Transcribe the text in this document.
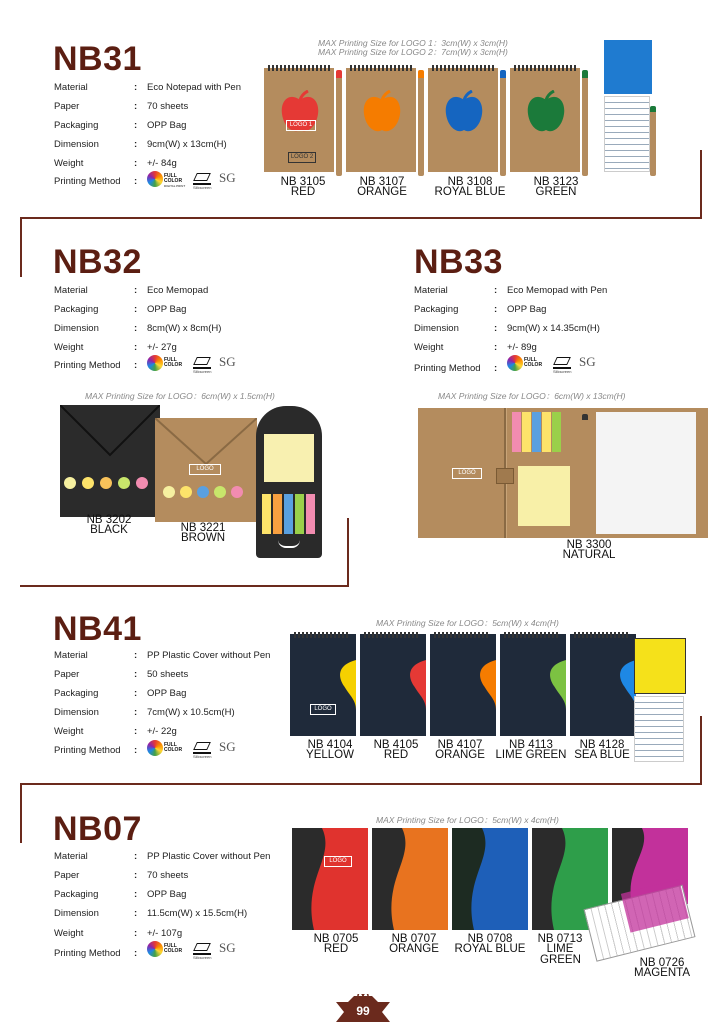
NB31
Material	: Eco Notepad with Pen
Paper	: 70 sheets
Packaging	: OPP Bag
Dimension	: 9cm(W) x 13cm(H)
Weight	: +/- 84g
Printing Method :	FULL COLOR
DIGITAL PRINT	Silkscreen
SG
MAX Printing Size for LOGO 1：3cm(W) x 3cm(H)
MAX Printing Size for LOGO 2：7cm(W) x 3cm(H)
LOGO 1
LOGO 2
NB 3105
RED
NB 3107
ORANGE
NB 3108
ROYAL BLUE
NB 3123
GREEN
NB32
Material	: Eco Memopad
Packaging	: OPP Bag
Dimension	: 8cm(W) x 8cm(H)
Weight	: +/- 27g
Printing Method :	FULL COLOR
Silkscreen
SG
MAX Printing Size for LOGO：6cm(W) x 1.5cm(H)
LOGO
NB 3202
BLACK	NB 3221
BROWN
NB33
Material	: Eco Memopad with Pen
Packaging	: OPP Bag
Dimension	: 9cm(W) x 14.35cm(H)
Weight	: +/- 89g
Printing Method :
FULL COLOR
Silkscreen
SG
MAX Printing Size for LOGO：6cm(W) x 13cm(H)
LOGO
NB 3300
NATURAL
NB41
Material	: PP Plastic Cover without Pen
Paper	: 50 sheets
Packaging	: OPP Bag
Dimension	: 7cm(W) x 10.5cm(H)
Weight	: +/- 22g
Printing Method :	FULL COLOR
Silkscreen
SG
MAX Printing Size for LOGO：5cm(W) x 4cm(H)
LOGO
NB 4104
YELLOW
NB 4105
RED
NB 4107
ORANGE
NB 4113
LIME GREEN
NB 4128
SEA BLUE
NB07
Material	: PP Plastic Cover without Pen
Paper	: 70 sheets
Packaging	: OPP Bag
Dimension	: 11.5cm(W) x 15.5cm(H)
Weight	: +/- 107g
Printing Method :
FULL COLOR
Silkscreen
SG
MAX Printing Size for LOGO：5cm(W) x 4cm(H)
LOGO
NB 0705
RED
NB 0707
ORANGE
NB 0708
ROYAL BLUE
NB 0713
LIME GREEN	NB 0726
MAGENTA
99
